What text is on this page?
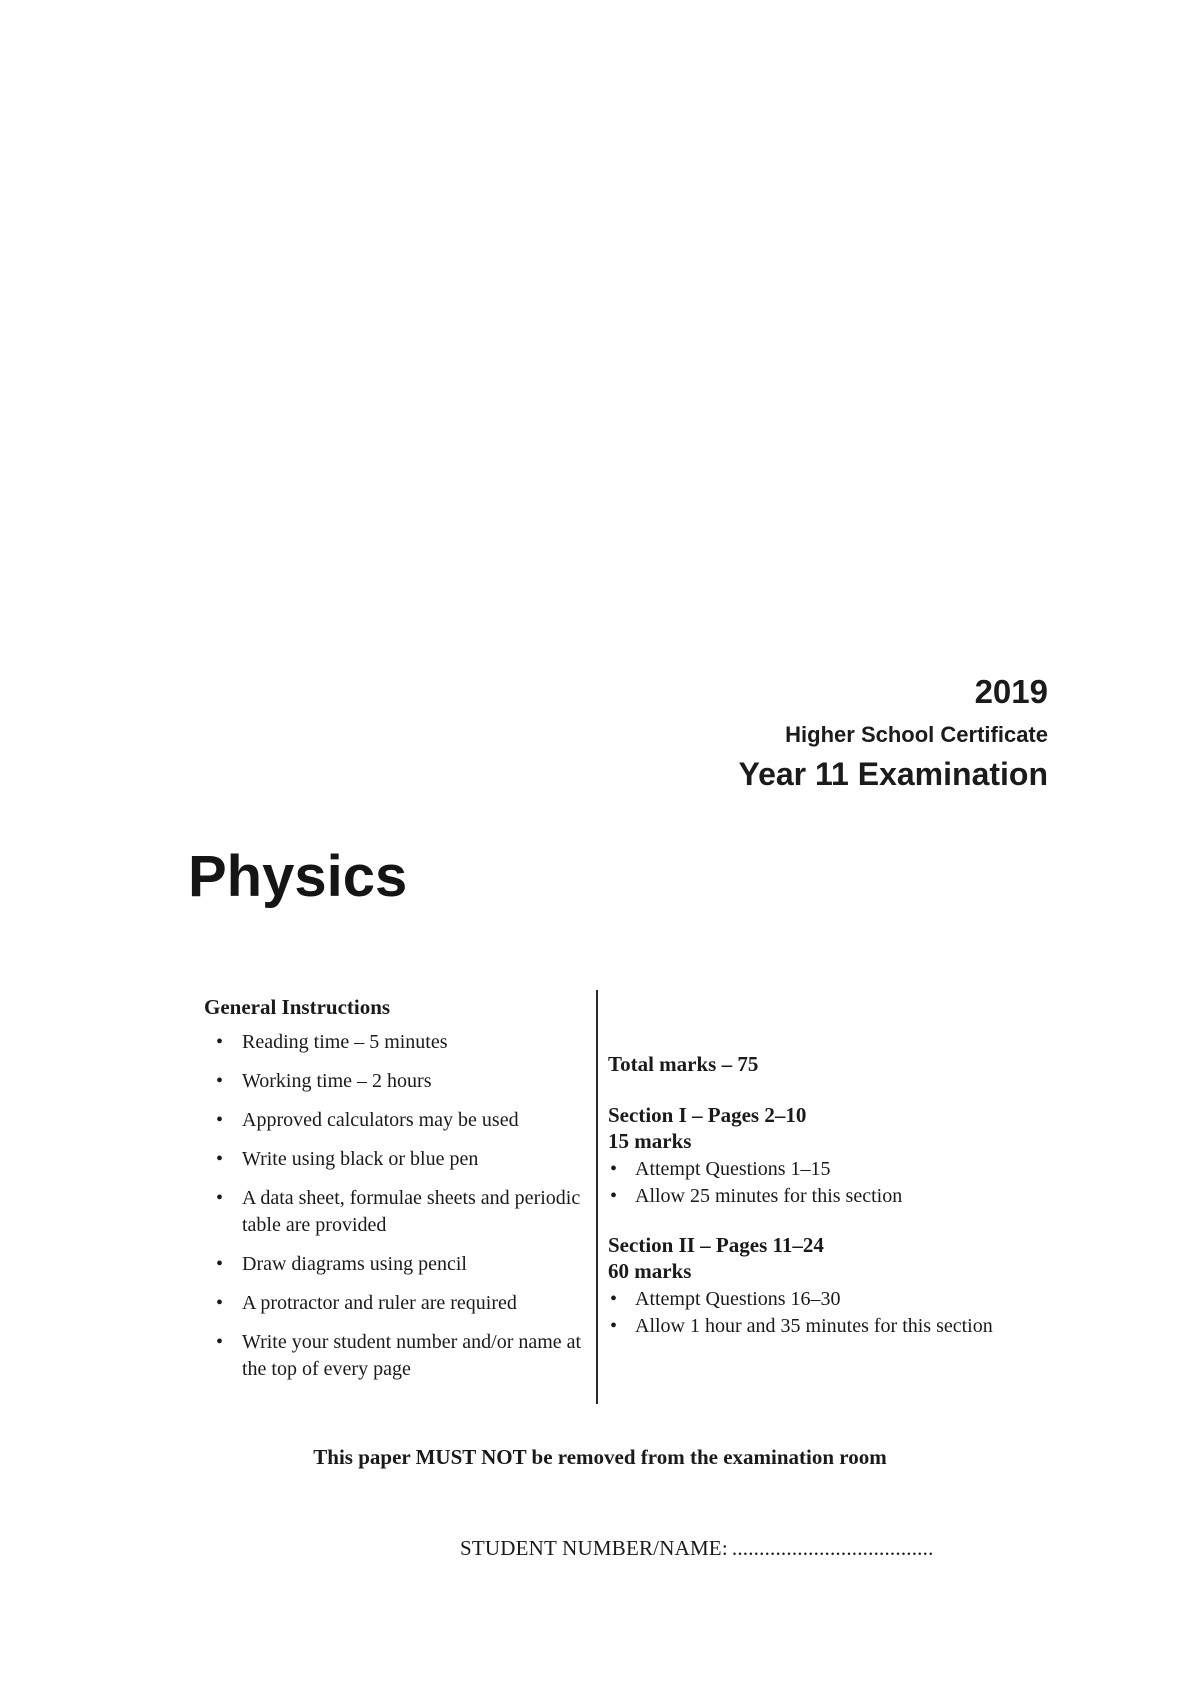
2019
Higher School Certificate
Year 11 Examination
Physics
General Instructions
• Reading time – 5 minutes
• Working time – 2 hours
• Approved calculators may be used
• Write using black or blue pen
• A data sheet, formulae sheets and periodic table are provided
• Draw diagrams using pencil
• A protractor and ruler are required
• Write your student number and/or name at the top of every page
Total marks – 75
Section I – Pages 2–10
15 marks
• Attempt Questions 1–15
• Allow 25 minutes for this section
Section II – Pages 11–24
60 marks
• Attempt Questions 16–30
• Allow 1 hour and 35 minutes for this section
This paper MUST NOT be removed from the examination room
STUDENT NUMBER/NAME: .....................................
